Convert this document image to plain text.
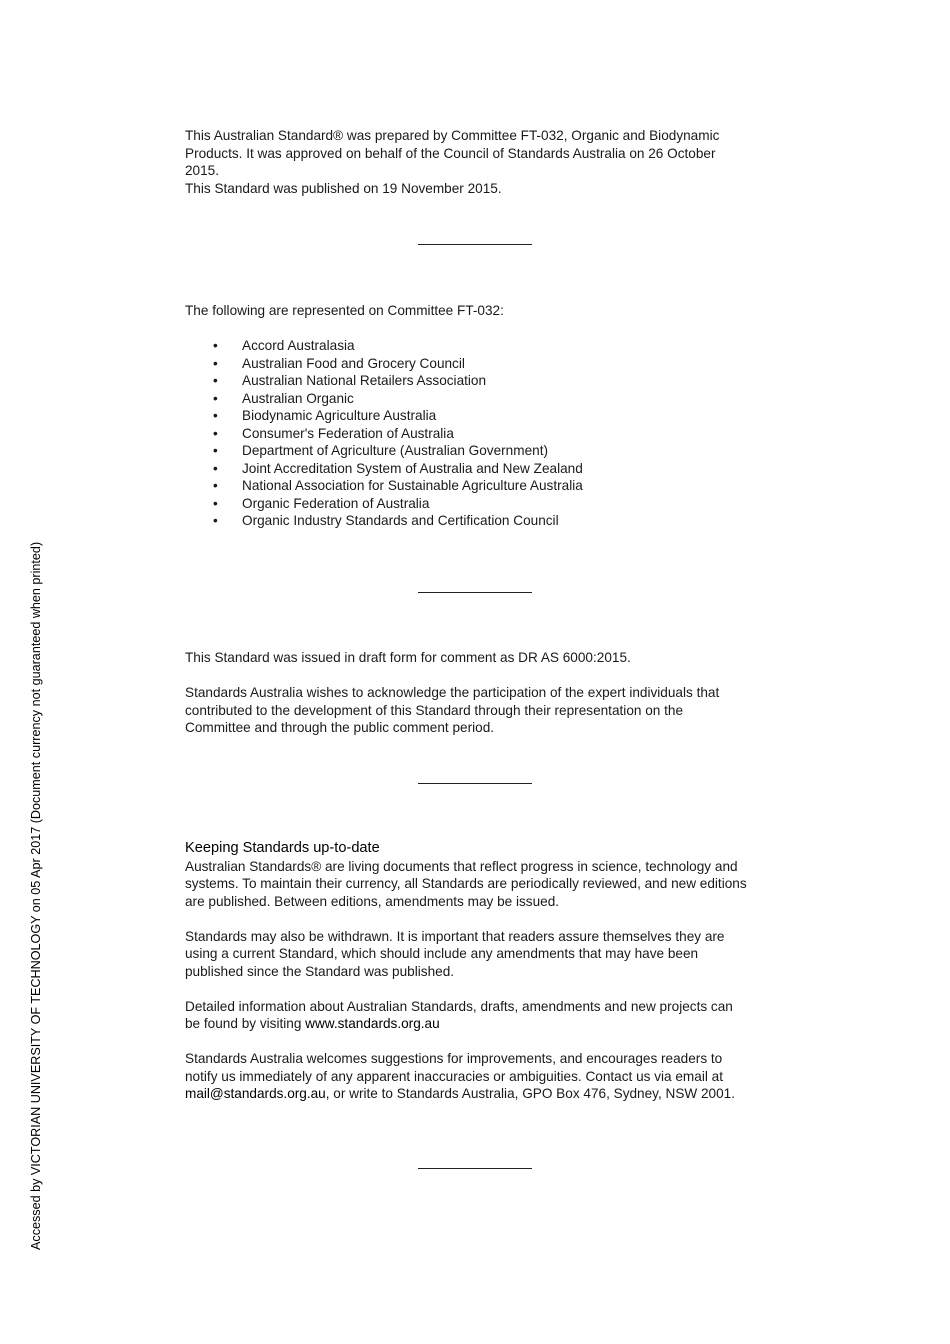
This Australian Standard® was prepared by Committee FT-032, Organic and Biodynamic

Products. It was approved on behalf of the Council of Standards Australia on 26 October

2015.

This Standard was published on 19 November 2015.

The following are represented on Committee FT-032:

• Accord Australasia
• Australian Food and Grocery Council
• Australian National Retailers Association
• Australian Organic
• Biodynamic Agriculture Australia
• Consumer's Federation of Australia
• Department of Agriculture (Australian Government)
• Joint Accreditation System of Australia and New Zealand
• National Association for Sustainable Agriculture Australia
• Organic Federation of Australia
• Organic Industry Standards and Certification Council

This Standard was issued in draft form for comment as DR AS 6000:2015.

Standards Australia wishes to acknowledge the participation of the expert individuals that

contributed to the development of this Standard through their representation on the

Committee and through the public comment period.

Keeping Standards up-to-date

Australian Standards® are living documents that reflect progress in science, technology and

systems. To maintain their currency, all Standards are periodically reviewed, and new editions

are published. Between editions, amendments may be issued.

Standards may also be withdrawn. It is important that readers assure themselves they are

using a current Standard, which should include any amendments that may have been

published since the Standard was published.

Detailed information about Australian Standards, drafts, amendments and new projects can

be found by visiting www.standards.org.au

Standards Australia welcomes suggestions for improvements, and encourages readers to

notify us immediately of any apparent inaccuracies or ambiguities. Contact us via email at

mail@standards.org.au, or write to Standards Australia, GPO Box 476, Sydney, NSW 2001.

Accessed by VICTORIAN UNIVERSITY OF TECHNOLOGY on 05 Apr 2017 (Document currency not guaranteed when printed)
